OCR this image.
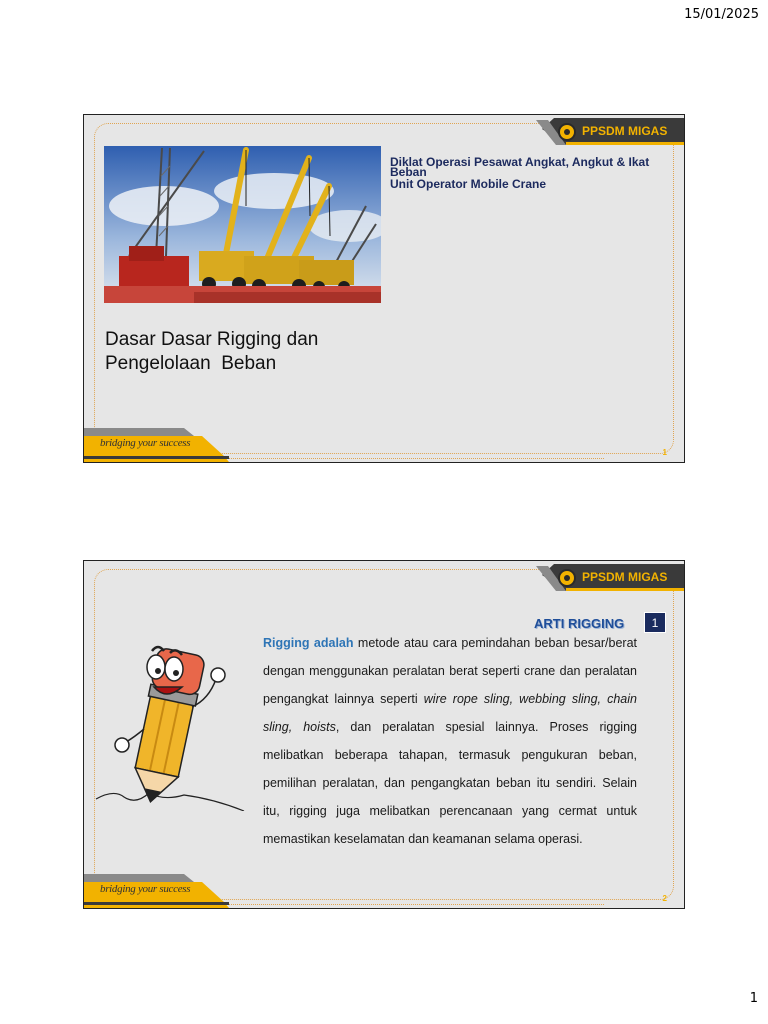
15/01/2025
PPSDM MIGAS
Diklat Operasi Pesawat Angkat, Angkut & Ikat
Beban
Unit Operator Mobile Crane
Dasar Dasar Rigging dan
Pengelolaan  Beban
bridging your success
1
PPSDM MIGAS
ARTI RIGGING	1
Rigging adalah metode atau cara pemindahan beban besar/berat dengan menggunakan peralatan berat seperti crane dan peralatan pengangkat lainnya seperti wire rope sling, webbing sling, chain sling, hoists, dan peralatan spesial lainnya. Proses rigging melibatkan beberapa tahapan, termasuk pengukuran beban, pemilihan peralatan, dan pengangkatan beban itu sendiri. Selain itu, rigging juga melibatkan perencanaan yang cermat untuk memastikan keselamatan dan keamanan selama operasi.
bridging your success
2
1
